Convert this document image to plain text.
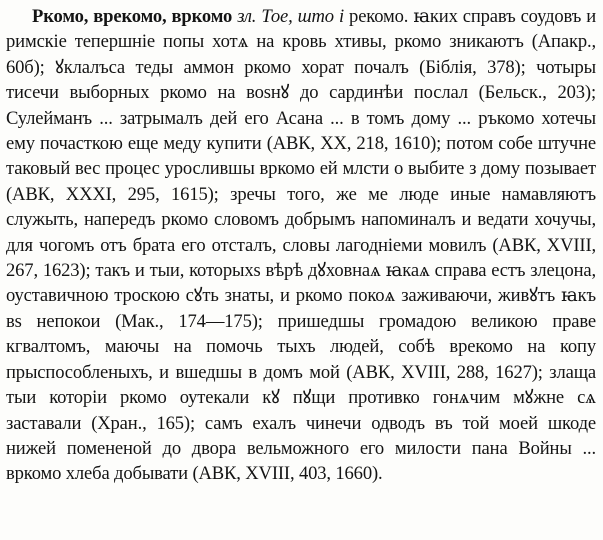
Ркомо, врекомо, вркомо зл. Тое, што і рекомо. ꙗких справъ соудовъ и римскіе тепершніе попы хотѧ на кровь хтивы, ркомо зникаютъ (Апакр., 60б); ꙋклалъса теды аммон ркомо хорат почалъ (Біблія, 378); чотыры тисечи выборныx ркомо на воѕнꙋ до сардинѣи послал (Бельск., 203); Сулейманъ ... затрымалъ дей его Асана ... в томъ дому ... ръкомо хотечы ему почасткою еще меду купити (АВК, XX, 218, 1610); потом собе штучне таковый вес процес урослившы вркомо ей млсти о выбите з дому позывает (АВК, XXXI, 295, 1615); зречы того, же ме люде иные намавляютъ служыть, напередъ ркомо словомъ добрымъ напоминалъ и ведати хочучы, для чогомъ отъ брата его отсталъ, словы лагодніеми мовилъ (АВК, XVIII, 267, 1623); такъ и тыи, которыхѕ вѣрѣ дꙋховнаѧ ꙗкаѧ справа естъ злецона, оуставичною трoскою сꙋть знаты, и ркомо покоѧ заживаючи, живꙋтъ ꙗкъ вѕ непокои (Мак., 174—175); пришедшы громадою великою праве кгвалтомъ, маючы на помочь тыхъ людей, собѣ врекомо на копу прыспособленыхъ, и вшедшы в домъ мой (АВК, XVIII, 288, 1627); злаща тыи которіи ркомо оутекали кꙋ пꙋщи противко гонѧчим мꙋжне сѧ заставали (Хран., 165); самъ ехалъ чинечи одводъ въ той моей шкоде нижей помененой до двора вельможного его милости пана Войны ... вркомо хлеба добывати (АВК, XVIII, 403, 1660).
